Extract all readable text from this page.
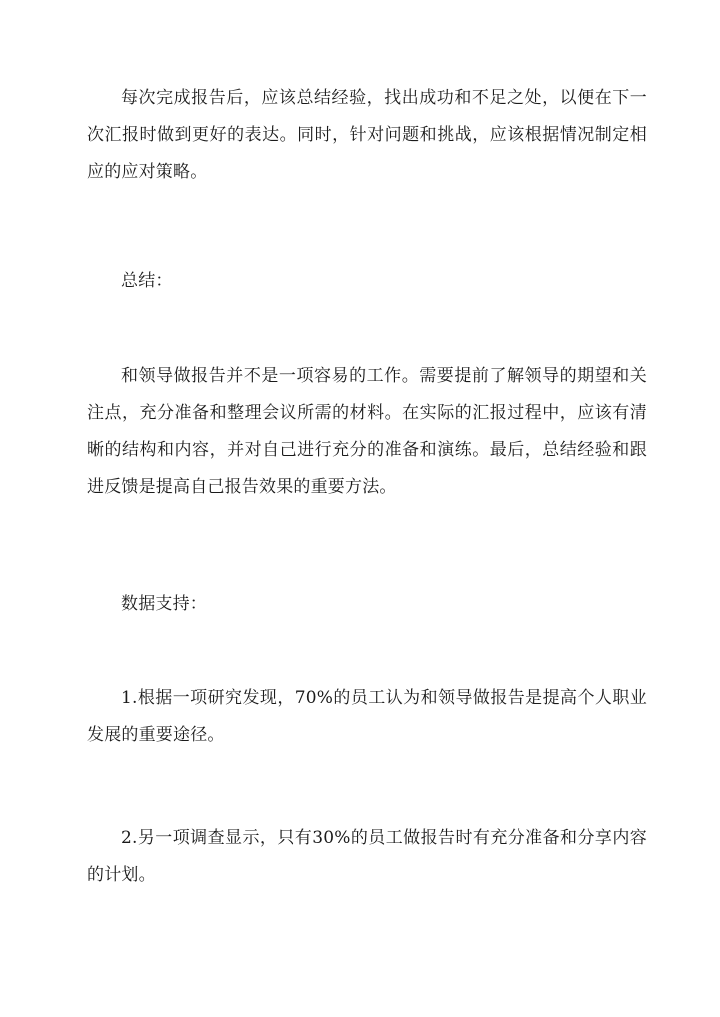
每次完成报告后，应该总结经验，找出成功和不足之处，以便在下一次汇报时做到更好的表达。同时，针对问题和挑战，应该根据情况制定相应的应对策略。

总结：

和领导做报告并不是一项容易的工作。需要提前了解领导的期望和关注点，充分准备和整理会议所需的材料。在实际的汇报过程中，应该有清晰的结构和内容，并对自己进行充分的准备和演练。最后，总结经验和跟进反馈是提高自己报告效果的重要方法。

数据支持：

1.根据一项研究发现，70%的员工认为和领导做报告是提高个人职业发展的重要途径。

2.另一项调查显示，只有30%的员工做报告时有充分准备和分享内容的计划。
